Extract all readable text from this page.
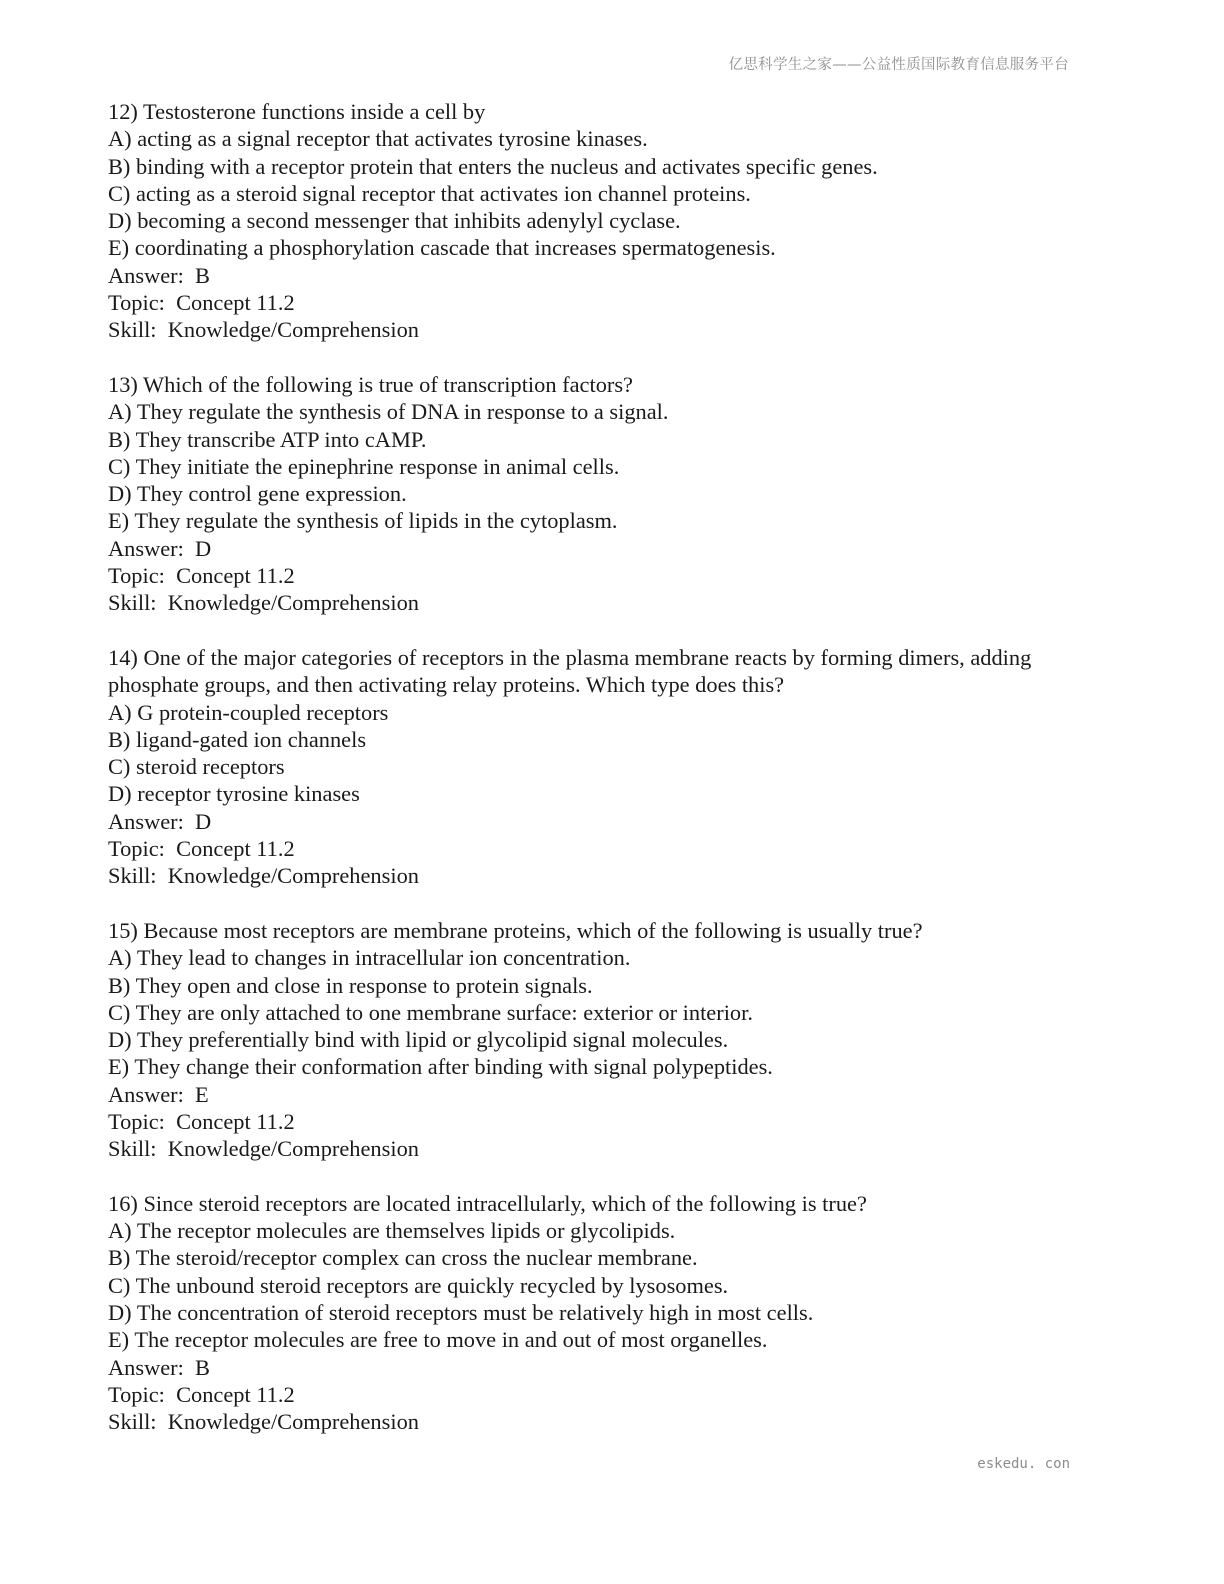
亿思科学生之家——公益性质国际教育信息服务平台
12) Testosterone functions inside a cell by
A) acting as a signal receptor that activates tyrosine kinases.
B) binding with a receptor protein that enters the nucleus and activates specific genes.
C) acting as a steroid signal receptor that activates ion channel proteins.
D) becoming a second messenger that inhibits adenylyl cyclase.
E) coordinating a phosphorylation cascade that increases spermatogenesis.
Answer:  B
Topic:  Concept 11.2
Skill:  Knowledge/Comprehension
13) Which of the following is true of transcription factors?
A) They regulate the synthesis of DNA in response to a signal.
B) They transcribe ATP into cAMP.
C) They initiate the epinephrine response in animal cells.
D) They control gene expression.
E) They regulate the synthesis of lipids in the cytoplasm.
Answer:  D
Topic:  Concept 11.2
Skill:  Knowledge/Comprehension
14) One of the major categories of receptors in the plasma membrane reacts by forming dimers, adding phosphate groups, and then activating relay proteins. Which type does this?
A) G protein-coupled receptors
B) ligand-gated ion channels
C) steroid receptors
D) receptor tyrosine kinases
Answer:  D
Topic:  Concept 11.2
Skill:  Knowledge/Comprehension
15) Because most receptors are membrane proteins, which of the following is usually true?
A) They lead to changes in intracellular ion concentration.
B) They open and close in response to protein signals.
C) They are only attached to one membrane surface: exterior or interior.
D) They preferentially bind with lipid or glycolipid signal molecules.
E) They change their conformation after binding with signal polypeptides.
Answer:  E
Topic:  Concept 11.2
Skill:  Knowledge/Comprehension
16) Since steroid receptors are located intracellularly, which of the following is true?
A) The receptor molecules are themselves lipids or glycolipids.
B) The steroid/receptor complex can cross the nuclear membrane.
C) The unbound steroid receptors are quickly recycled by lysosomes.
D) The concentration of steroid receptors must be relatively high in most cells.
E) The receptor molecules are free to move in and out of most organelles.
Answer:  B
Topic:  Concept 11.2
Skill:  Knowledge/Comprehension
eskedu. con
